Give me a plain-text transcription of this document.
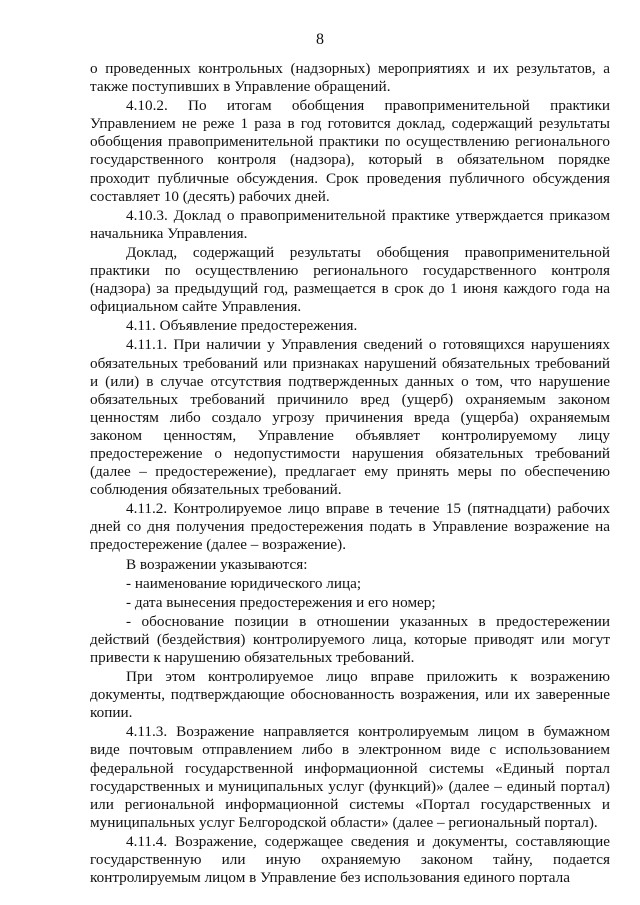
8

о проведенных контрольных (надзорных) мероприятиях и их результатов, а также поступивших в Управление обращений.

4.10.2. По итогам обобщения правоприменительной практики Управлением не реже 1 раза в год готовится доклад, содержащий результаты обобщения правоприменительной практики по осуществлению регионального государственного контроля (надзора), который в обязательном порядке проходит публичные обсуждения. Срок проведения публичного обсуждения составляет 10 (десять) рабочих дней.

4.10.3. Доклад о правоприменительной практике утверждается приказом начальника Управления.

Доклад, содержащий результаты обобщения правоприменительной практики по осуществлению регионального государственного контроля (надзора) за предыдущий год, размещается в срок до 1 июня каждого года на официальном сайте Управления.

4.11. Объявление предостережения.

4.11.1. При наличии у Управления сведений о готовящихся нарушениях обязательных требований или признаках нарушений обязательных требований и (или) в случае отсутствия подтвержденных данных о том, что нарушение обязательных требований причинило вред (ущерб) охраняемым законом ценностям либо создало угрозу причинения вреда (ущерба) охраняемым законом ценностям, Управление объявляет контролируемому лицу предостережение о недопустимости нарушения обязательных требований (далее – предостережение), предлагает ему принять меры по обеспечению соблюдения обязательных требований.

4.11.2. Контролируемое лицо вправе в течение 15 (пятнадцати) рабочих дней со дня получения предостережения подать в Управление возражение на предостережение (далее – возражение).

В возражении указываются:

- наименование юридического лица;

- дата вынесения предостережения и его номер;

- обоснование позиции в отношении указанных в предостережении действий (бездействия) контролируемого лица, которые приводят или могут привести к нарушению обязательных требований.

При этом контролируемое лицо вправе приложить к возражению документы, подтверждающие обоснованность возражения, или их заверенные копии.

4.11.3. Возражение направляется контролируемым лицом в бумажном виде почтовым отправлением либо в электронном виде с использованием федеральной государственной информационной системы «Единый портал государственных и муниципальных услуг (функций)» (далее – единый портал) или региональной информационной системы «Портал государственных и муниципальных услуг Белгородской области» (далее – региональный портал).

4.11.4. Возражение, содержащее сведения и документы, составляющие государственную или иную охраняемую законом тайну, подается контролируемым лицом в Управление без использования единого портала
